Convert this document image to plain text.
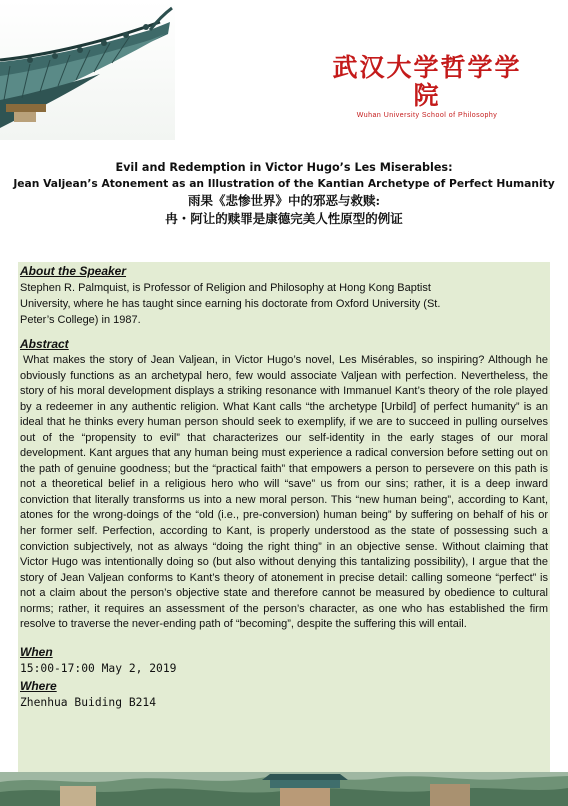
武汉大学哲学学院
Wuhan University School of Philosophy
Evil and Redemption in Victor Hugo’s Les Miserables:
Jean Valjean’s Atonement as an Illustration of the Kantian Archetype of Perfect Humanity
雨果《悲惨世界》中的邪恶与救赎:
冉・阿让的赎罪是康德完美人性原型的例证
About the Speaker
Stephen R. Palmquist, is Professor of Religion and Philosophy at Hong Kong Baptist
University, where he has taught since earning his doctorate from Oxford University (St.
Peter’s College) in 1987.
Abstract
What makes the story of Jean Valjean, in Victor Hugo’s novel, Les Misérables, so inspiring? Although he obviously functions as an archetypal hero, few would associate Valjean with perfection. Nevertheless, the story of his moral development displays a striking resonance with Immanuel Kant’s theory of the role played by a redeemer in any authentic religion. What Kant calls “the archetype [Urbild] of perfect humanity” is an ideal that he thinks every human person should seek to exemplify, if we are to succeed in pulling ourselves out of the “propensity to evil” that characterizes our self-identity in the early stages of our moral development. Kant argues that any human being must experience a radical conversion before setting out on the path of genuine goodness; but the “practical faith” that empowers a person to persevere on this path is not a theoretical belief in a religious hero who will “save” us from our sins; rather, it is a deep inward conviction that literally transforms us into a new moral person. This “new human being”, according to Kant, atones for the wrong-doings of the “old (i.e., pre-conversion) human being” by suffering on behalf of his or her former self. Perfection, according to Kant, is properly understood as the state of possessing such a conviction subjectively, not as always “doing the right thing” in an objective sense. Without claiming that Victor Hugo was intentionally doing so (but also without denying this tantalizing possibility), I argue that the story of Jean Valjean conforms to Kant’s theory of atonement in precise detail: calling someone “perfect” is not a claim about the person’s objective state and therefore cannot be measured by obedience to cultural norms; rather, it requires an assessment of the person’s character, as one who has established the firm resolve to traverse the never-ending path of “becoming”, despite the suffering this will entail.
When
15:00-17:00 May 2, 2019
Where
Zhenhua Buiding B214
